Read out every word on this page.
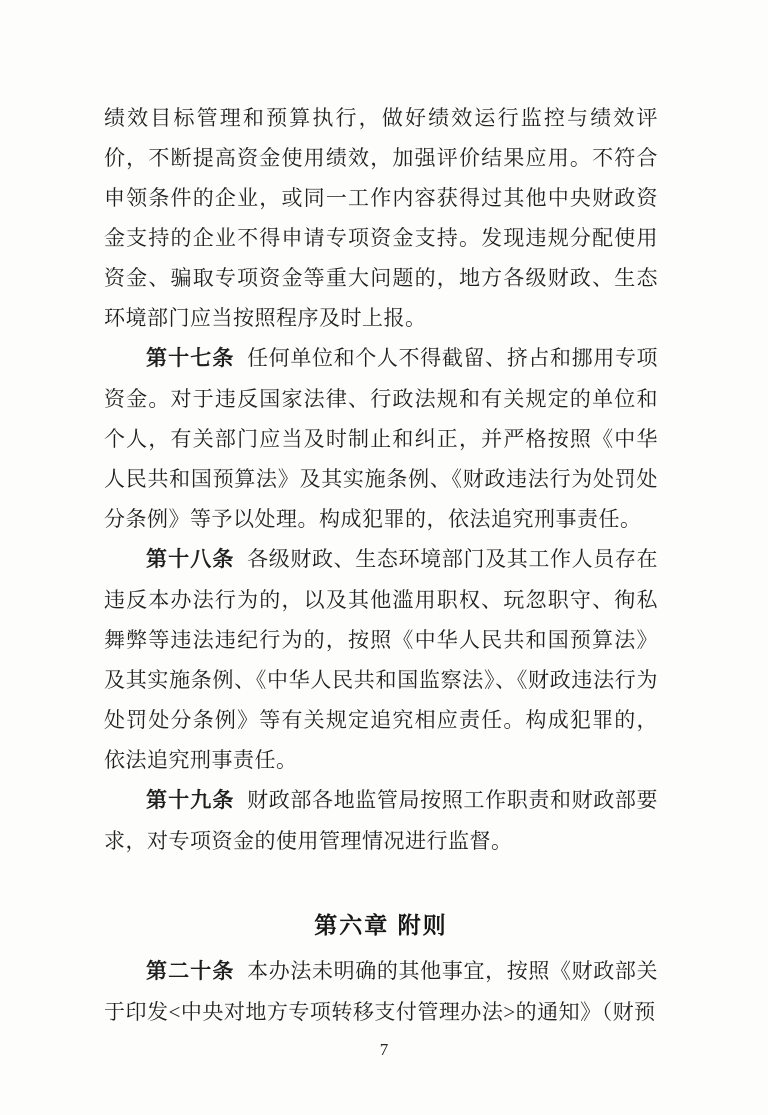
绩效目标管理和预算执行，做好绩效运行监控与绩效评价，不断提高资金使用绩效，加强评价结果应用。不符合申领条件的企业，或同一工作内容获得过其他中央财政资金支持的企业不得申请专项资金支持。发现违规分配使用资金、骗取专项资金等重大问题的，地方各级财政、生态环境部门应当按照程序及时上报。

第十七条 任何单位和个人不得截留、挤占和挪用专项资金。对于违反国家法律、行政法规和有关规定的单位和个人，有关部门应当及时制止和纠正，并严格按照《中华人民共和国预算法》及其实施条例、《财政违法行为处罚处分条例》等予以处理。构成犯罪的，依法追究刑事责任。

第十八条 各级财政、生态环境部门及其工作人员存在违反本办法行为的，以及其他滥用职权、玩忽职守、徇私舞弊等违法违纪行为的，按照《中华人民共和国预算法》及其实施条例、《中华人民共和国监察法》、《财政违法行为处罚处分条例》等有关规定追究相应责任。构成犯罪的，依法追究刑事责任。

第十九条 财政部各地监管局按照工作职责和财政部要求，对专项资金的使用管理情况进行监督。

第六章 附则

第二十条 本办法未明确的其他事宜，按照《财政部关于印发<中央对地方专项转移支付管理办法>的通知》（财预

7
